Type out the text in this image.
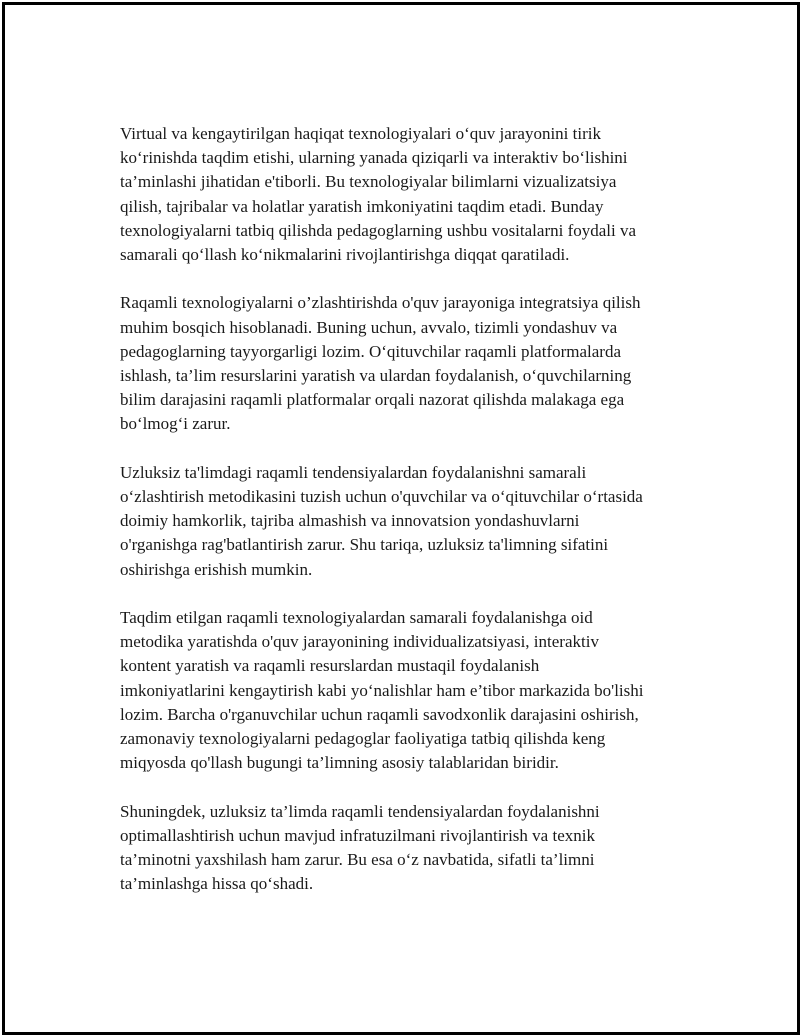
Virtual va kengaytirilgan haqiqat texnologiyalari o‘quv jarayonini tirik
ko‘rinishda taqdim etishi, ularning yanada qiziqarli va interaktiv bo‘lishini
ta’minlashi jihatidan e'tiborli. Bu texnologiyalar bilimlarni vizualizatsiya
qilish, tajribalar va holatlar yaratish imkoniyatini taqdim etadi. Bunday
texnologiyalarni tatbiq qilishda pedagoglarning ushbu vositalarni foydali va
samarali qo‘llash ko‘nikmalarini rivojlantirishga diqqat qaratiladi.
Raqamli texnologiyalarni o’zlashtirishda o'quv jarayoniga integratsiya qilish
muhim bosqich hisoblanadi. Buning uchun, avvalo, tizimli yondashuv va
pedagoglarning tayyorgarligi lozim. O‘qituvchilar raqamli platformalarda
ishlash, ta’lim resurslarini yaratish va ulardan foydalanish, o‘quvchilarning
bilim darajasini raqamli platformalar orqali nazorat qilishda malakaga ega
bo‘lmog‘i zarur.
Uzluksiz ta'limdagi raqamli tendensiyalardan foydalanishni samarali
o‘zlashtirish metodikasini tuzish uchun o'quvchilar va o‘qituvchilar o‘rtasida
doimiy hamkorlik, tajriba almashish va innovatsion yondashuvlarni
o'rganishga rag'batlantirish zarur. Shu tariqa, uzluksiz ta'limning sifatini
oshirishga erishish mumkin.
Taqdim etilgan raqamli texnologiyalardan samarali foydalanishga oid
metodika yaratishda o'quv jarayonining individualizatsiyasi, interaktiv
kontent yaratish va raqamli resurslardan mustaqil foydalanish
imkoniyatlarini kengaytirish kabi yo‘nalishlar ham e’tibor markazida bo'lishi
lozim. Barcha o'rganuvchilar uchun raqamli savodxonlik darajasini oshirish,
zamonaviy texnologiyalarni pedagoglar faoliyatiga tatbiq qilishda keng
miqyosda qo'llash bugungi ta’limning asosiy talablaridan biridir.
Shuningdek, uzluksiz ta’limda raqamli tendensiyalardan foydalanishni
optimallashtirish uchun mavjud infratuzilmani rivojlantirish va texnik
ta’minotni yaxshilash ham zarur. Bu esa o‘z navbatida, sifatli ta’limni
ta’minlashga hissa qo‘shadi.
